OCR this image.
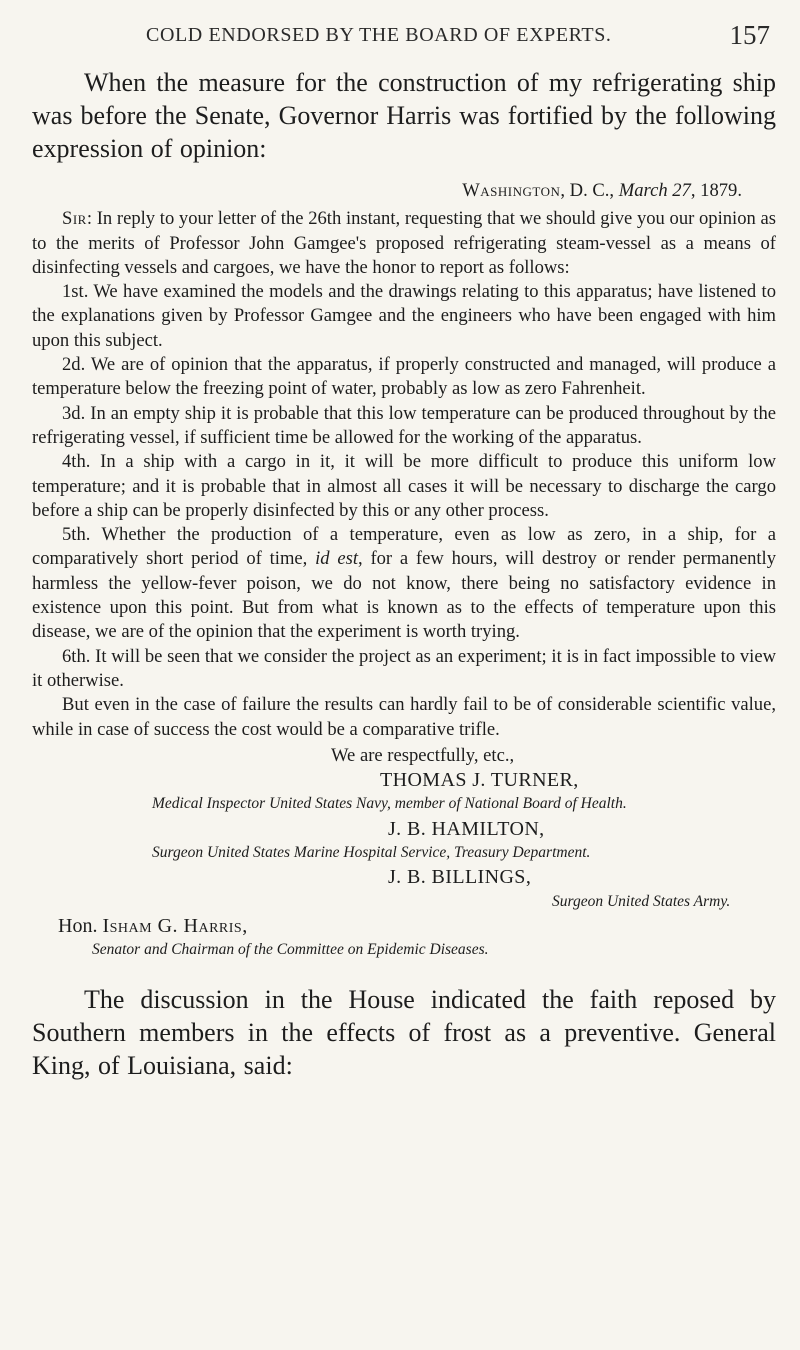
COLD ENDORSED BY THE BOARD OF EXPERTS.	157

When the measure for the construction of my refrigerating ship was before the Senate, Governor Harris was fortified by the following expression of opinion:

Washington, D. C., March 27, 1879.

Sir: In reply to your letter of the 26th instant, requesting that we should give you our opinion as to the merits of Professor John Gamgee's proposed refrigerating steam-vessel as a means of disinfecting vessels and cargoes, we have the honor to report as follows:

1st. We have examined the models and the drawings relating to this apparatus; have listened to the explanations given by Professor Gamgee and the engineers who have been engaged with him upon this subject.

2d. We are of opinion that the apparatus, if properly constructed and managed, will produce a temperature below the freezing point of water, probably as low as zero Fahrenheit.

3d. In an empty ship it is probable that this low temperature can be produced throughout by the refrigerating vessel, if sufficient time be allowed for the working of the apparatus.

4th. In a ship with a cargo in it, it will be more difficult to produce this uniform low temperature; and it is probable that in almost all cases it will be necessary to discharge the cargo before a ship can be properly disinfected by this or any other process.

5th. Whether the production of a temperature, even as low as zero, in a ship, for a comparatively short period of time, id est, for a few hours, will destroy or render permanently harmless the yellow-fever poison, we do not know, there being no satisfactory evidence in existence upon this point. But from what is known as to the effects of temperature upon this disease, we are of the opinion that the experiment is worth trying.

6th. It will be seen that we consider the project as an experiment; it is in fact impossible to view it otherwise.

But even in the case of failure the results can hardly fail to be of considerable scientific value, while in case of success the cost would be a comparative trifle.

We are respectfully, etc.,
THOMAS J. TURNER,
Medical Inspector United States Navy, member of National Board of Health.
J. B. HAMILTON,
Surgeon United States Marine Hospital Service, Treasury Department.
J. B. BILLINGS,
Surgeon United States Army.
Hon. Isham G. Harris,
Senator and Chairman of the Committee on Epidemic Diseases.

The discussion in the House indicated the faith reposed by Southern members in the effects of frost as a preventive. General King, of Louisiana, said:
